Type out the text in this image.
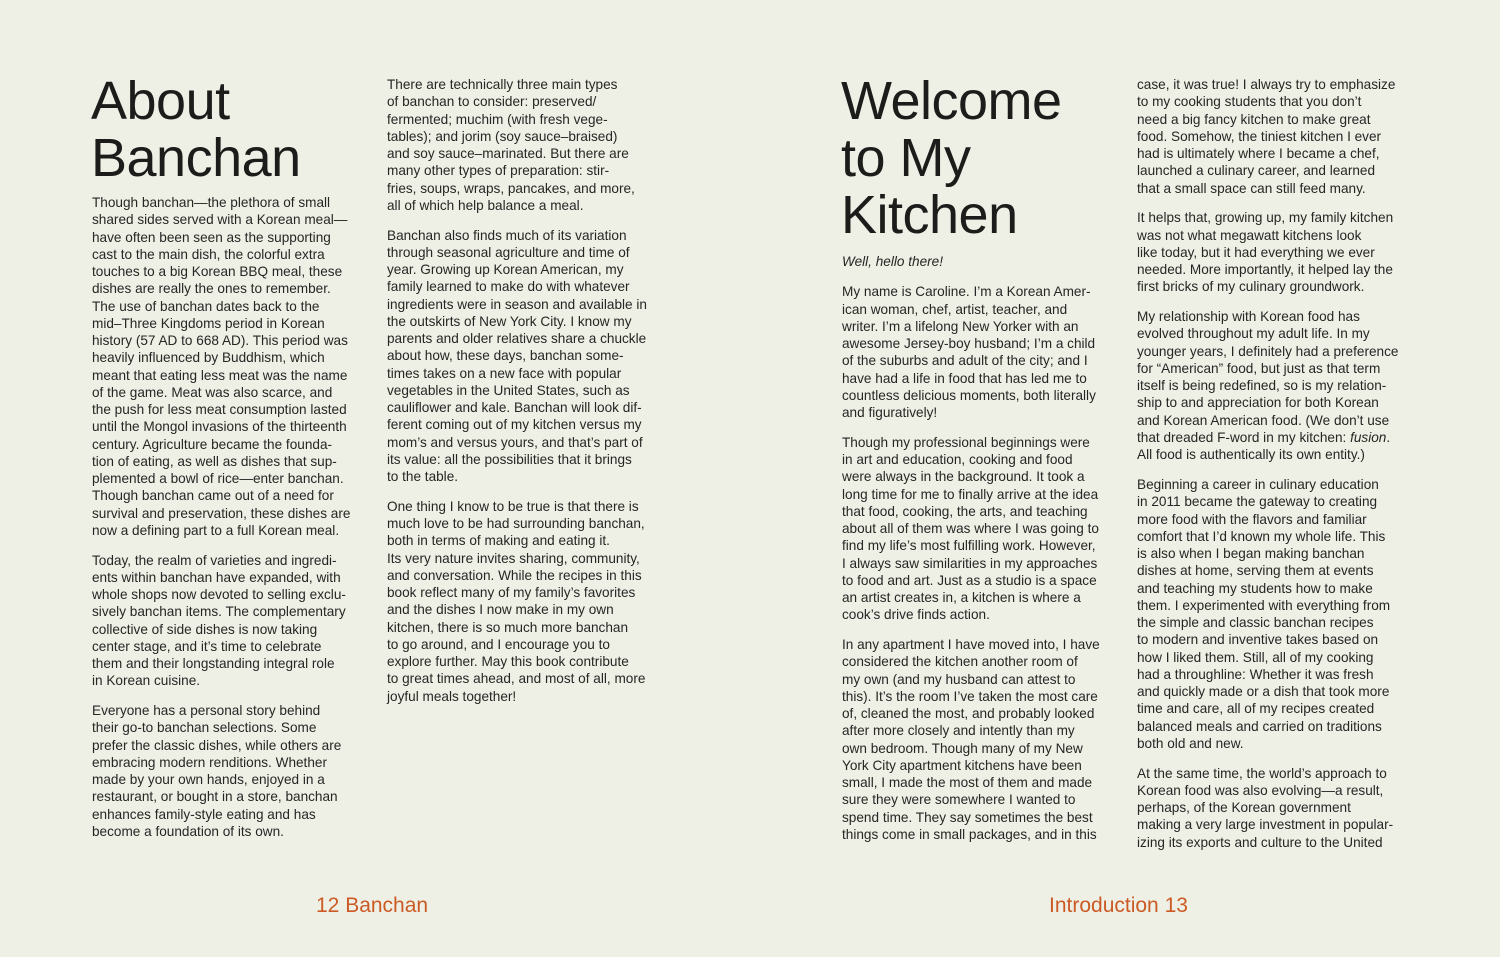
About
Banchan

Though banchan—the plethora of small
shared sides served with a Korean meal—
have often been seen as the supporting
cast to the main dish, the colorful extra
touches to a big Korean BBQ meal, these
dishes are really the ones to remember.
The use of banchan dates back to the
mid–Three Kingdoms period in Korean
history (57 AD to 668 AD). This period was
heavily influenced by Buddhism, which
meant that eating less meat was the name
of the game. Meat was also scarce, and
the push for less meat consumption lasted
until the Mongol invasions of the thirteenth
century. Agriculture became the founda-
tion of eating, as well as dishes that sup-
plemented a bowl of rice—enter banchan.
Though banchan came out of a need for
survival and preservation, these dishes are
now a defining part to a full Korean meal.

Today, the realm of varieties and ingredi-
ents within banchan have expanded, with
whole shops now devoted to selling exclu-
sively banchan items. The complementary
collective of side dishes is now taking
center stage, and it’s time to celebrate
them and their longstanding integral role
in Korean cuisine.

Everyone has a personal story behind
their go-to banchan selections. Some
prefer the classic dishes, while others are
embracing modern renditions. Whether
made by your own hands, enjoyed in a
restaurant, or bought in a store, banchan
enhances family-style eating and has
become a foundation of its own.

There are technically three main types
of banchan to consider: preserved/
fermented; muchim (with fresh vege-
tables); and jorim (soy sauce–braised)
and soy sauce–marinated. But there are
many other types of preparation: stir-
fries, soups, wraps, pancakes, and more,
all of which help balance a meal.

Banchan also finds much of its variation
through seasonal agriculture and time of
year. Growing up Korean American, my
family learned to make do with whatever
ingredients were in season and available in
the outskirts of New York City. I know my
parents and older relatives share a chuckle
about how, these days, banchan some-
times takes on a new face with popular
vegetables in the United States, such as
cauliflower and kale. Banchan will look dif-
ferent coming out of my kitchen versus my
mom’s and versus yours, and that’s part of
its value: all the possibilities that it brings
to the table.

One thing I know to be true is that there is
much love to be had surrounding banchan,
both in terms of making and eating it.
Its very nature invites sharing, community,
and conversation. While the recipes in this
book reflect many of my family’s favorites
and the dishes I now make in my own
kitchen, there is so much more banchan
to go around, and I encourage you to
explore further. May this book contribute
to great times ahead, and most of all, more
joyful meals together!

12 Banchan
Welcome
to My
Kitchen

Well, hello there!

My name is Caroline. I’m a Korean Amer-
ican woman, chef, artist, teacher, and
writer. I’m a lifelong New Yorker with an
awesome Jersey-boy husband; I’m a child
of the suburbs and adult of the city; and I
have had a life in food that has led me to
countless delicious moments, both literally
and figuratively!

Though my professional beginnings were
in art and education, cooking and food
were always in the background. It took a
long time for me to finally arrive at the idea
that food, cooking, the arts, and teaching
about all of them was where I was going to
find my life’s most fulfilling work. However,
I always saw similarities in my approaches
to food and art. Just as a studio is a space
an artist creates in, a kitchen is where a
cook’s drive finds action.

In any apartment I have moved into, I have
considered the kitchen another room of
my own (and my husband can attest to
this). It’s the room I’ve taken the most care
of, cleaned the most, and probably looked
after more closely and intently than my
own bedroom. Though many of my New
York City apartment kitchens have been
small, I made the most of them and made
sure they were somewhere I wanted to
spend time. They say sometimes the best
things come in small packages, and in this

case, it was true! I always try to emphasize
to my cooking students that you don’t
need a big fancy kitchen to make great
food. Somehow, the tiniest kitchen I ever
had is ultimately where I became a chef,
launched a culinary career, and learned
that a small space can still feed many.

It helps that, growing up, my family kitchen
was not what megawatt kitchens look
like today, but it had everything we ever
needed. More importantly, it helped lay the
first bricks of my culinary groundwork.

My relationship with Korean food has
evolved throughout my adult life. In my
younger years, I definitely had a preference
for “American” food, but just as that term
itself is being redefined, so is my relation-
ship to and appreciation for both Korean
and Korean American food. (We don’t use
that dreaded F-word in my kitchen: fusion.
All food is authentically its own entity.)

Beginning a career in culinary education
in 2011 became the gateway to creating
more food with the flavors and familiar
comfort that I’d known my whole life. This
is also when I began making banchan
dishes at home, serving them at events
and teaching my students how to make
them. I experimented with everything from
the simple and classic banchan recipes
to modern and inventive takes based on
how I liked them. Still, all of my cooking
had a throughline: Whether it was fresh
and quickly made or a dish that took more
time and care, all of my recipes created
balanced meals and carried on traditions
both old and new.

At the same time, the world’s approach to
Korean food was also evolving—a result,
perhaps, of the Korean government
making a very large investment in popular-
izing its exports and culture to the United

Introduction 13
